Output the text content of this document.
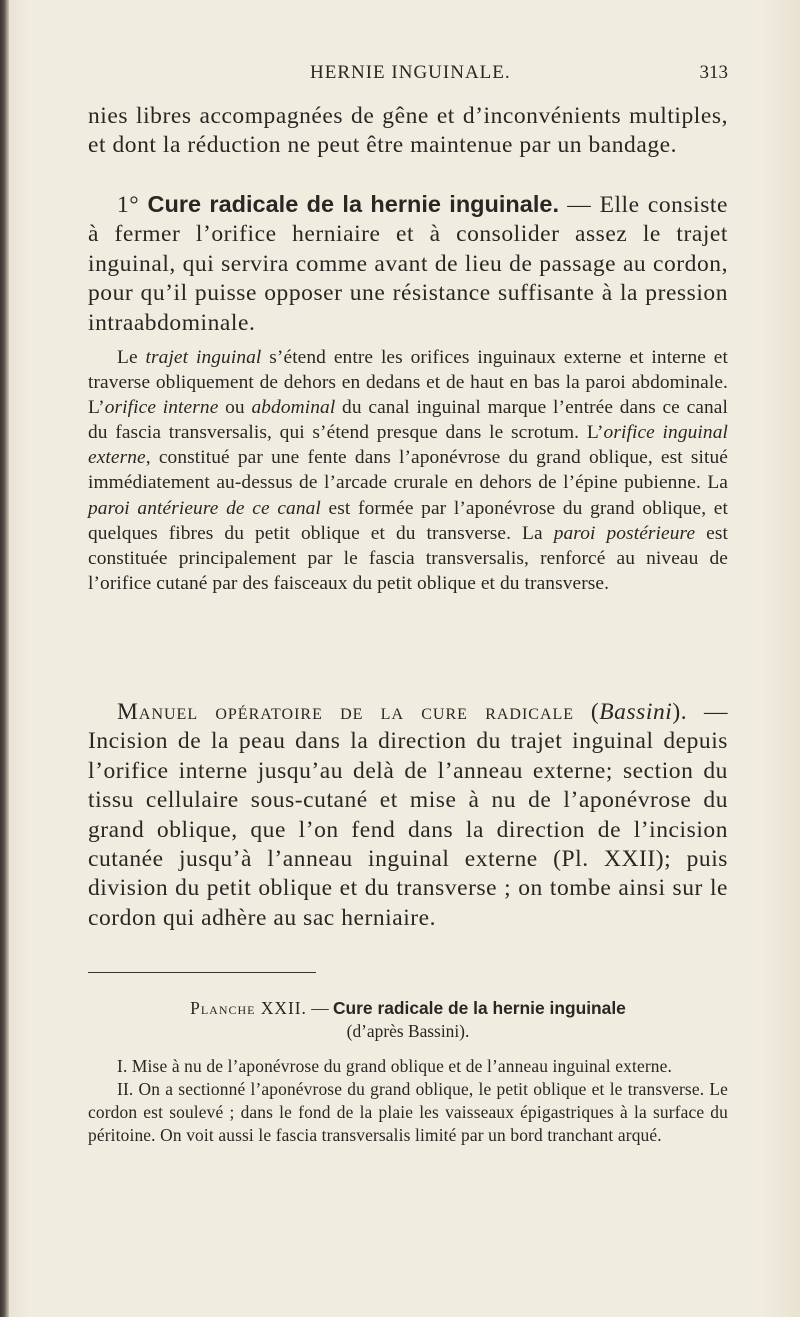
HERNIE INGUINALE.	313

nies libres accompagnées de gêne et d’inconvénients multiples, et dont la réduction ne peut être maintenue par un bandage.

1° Cure radicale de la hernie inguinale. — Elle consiste à fermer l’orifice herniaire et à consolider assez le trajet inguinal, qui servira comme avant de lieu de passage au cordon, pour qu’il puisse opposer une résistance suffisante à la pression intraabdominale.

Le trajet inguinal s’étend entre les orifices inguinaux externe et interne et traverse obliquement de dehors en dedans et de haut en bas la paroi abdominale. L’orifice interne ou abdominal du canal inguinal marque l’entrée dans ce canal du fascia transversalis, qui s’étend presque dans le scrotum. L’orifice inguinal externe, constitué par une fente dans l’aponévrose du grand oblique, est situé immédiatement au-dessus de l’arcade crurale en dehors de l’épine pubienne. La paroi antérieure de ce canal est formée par l’aponévrose du grand oblique, et quelques fibres du petit oblique et du transverse. La paroi postérieure est constituée principalement par le fascia transversalis, renforcé au niveau de l’orifice cutané par des faisceaux du petit oblique et du transverse.

Manuel opératoire de la cure radicale (Bassini). — Incision de la peau dans la direction du trajet inguinal depuis l’orifice interne jusqu’au delà de l’anneau externe; section du tissu cellulaire sous-cutané et mise à nu de l’aponévrose du grand oblique, que l’on fend dans la direction de l’incision cutanée jusqu’à l’anneau inguinal externe (Pl. XXII); puis division du petit oblique et du transverse ; on tombe ainsi sur le cordon qui adhère au sac herniaire.

Planche XXII. — Cure radicale de la hernie inguinale
(d’après Bassini).

I. Mise à nu de l’aponévrose du grand oblique et de l’anneau inguinal externe.

II. On a sectionné l’aponévrose du grand oblique, le petit oblique et le transverse. Le cordon est soulevé ; dans le fond de la plaie les vaisseaux épigastriques à la surface du péritoine. On voit aussi le fascia transversalis limité par un bord tranchant arqué.
